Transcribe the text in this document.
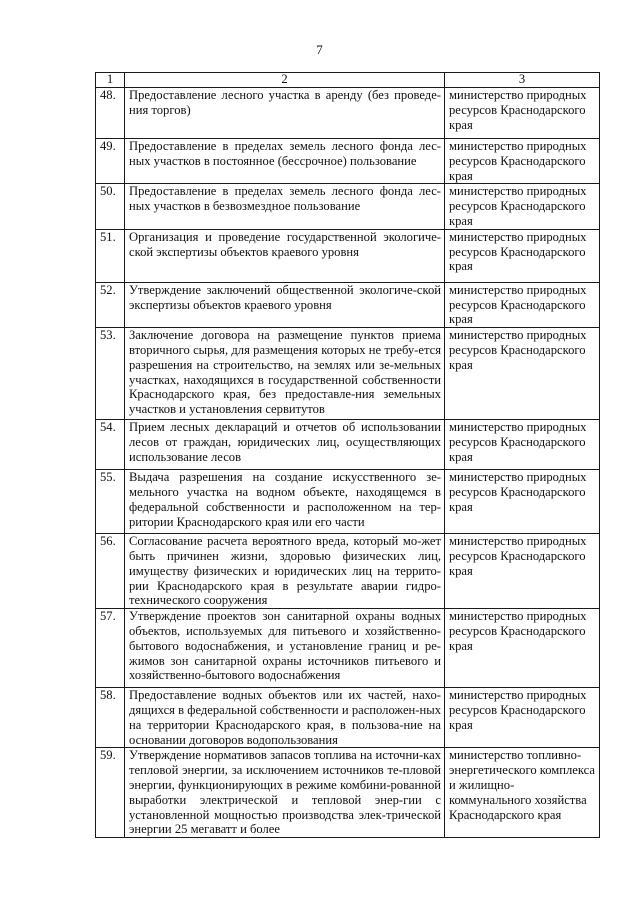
7
1	2	3
48.	Предоставление лесного участка в аренду (без проведе-ния торгов)	министерство природных ресурсов Краснодарского края
49.	Предоставление в пределах земель лесного фонда лес-ных участков в постоянное (бессрочное) пользование	министерство природных ресурсов Краснодарского края
50.	Предоставление в пределах земель лесного фонда лес-ных участков в безвозмездное пользование	министерство природных ресурсов Краснодарского края
51.	Организация и проведение государственной экологиче-ской экспертизы объектов краевого уровня	министерство природных ресурсов Краснодарского края
52.	Утверждение заключений общественной экологиче-ской экспертизы объектов краевого уровня	министерство природных ресурсов Краснодарского края
53.	Заключение договора на размещение пунктов приема вторичного сырья, для размещения которых не требу-ется разрешения на строительство, на землях или зе-мельных участках, находящихся в государственной собственности Краснодарского края, без предоставле-ния земельных участков и установления сервитутов	министерство природных ресурсов Краснодарского края
54.	Прием лесных деклараций и отчетов об использовании лесов от граждан, юридических лиц, осуществляющих использование лесов	министерство природных ресурсов Краснодарского края
55.	Выдача разрешения на создание искусственного зе-мельного участка на водном объекте, находящемся в федеральной собственности и расположенном на тер-ритории Краснодарского края или его части	министерство природных ресурсов Краснодарского края
56.	Согласование расчета вероятного вреда, который мо-жет быть причинен жизни, здоровью физических лиц, имуществу физических и юридических лиц на террито-рии Краснодарского края в результате аварии гидро-технического сооружения	министерство природных ресурсов Краснодарского края
57.	Утверждение проектов зон санитарной охраны водных объектов, используемых для питьевого и хозяйственно-бытового водоснабжения, и установление границ и ре-жимов зон санитарной охраны источников питьевого и хозяйственно-бытового водоснабжения	министерство природных ресурсов Краснодарского края
58.	Предоставление водных объектов или их частей, нахо-дящихся в федеральной собственности и расположен-ных на территории Краснодарского края, в пользова-ние на основании договоров водопользования	министерство природных ресурсов Краснодарского края
59.	Утверждение нормативов запасов топлива на источни-ках тепловой энергии, за исключением источников те-пловой энергии, функционирующих в режиме комбини-рованной выработки электрической и тепловой энер-гии с установленной мощностью производства элек-трической энергии 25 мегаватт и более	министерство топливно-энергетического комплекса и жилищно-коммунального хозяйства Краснодарского края
